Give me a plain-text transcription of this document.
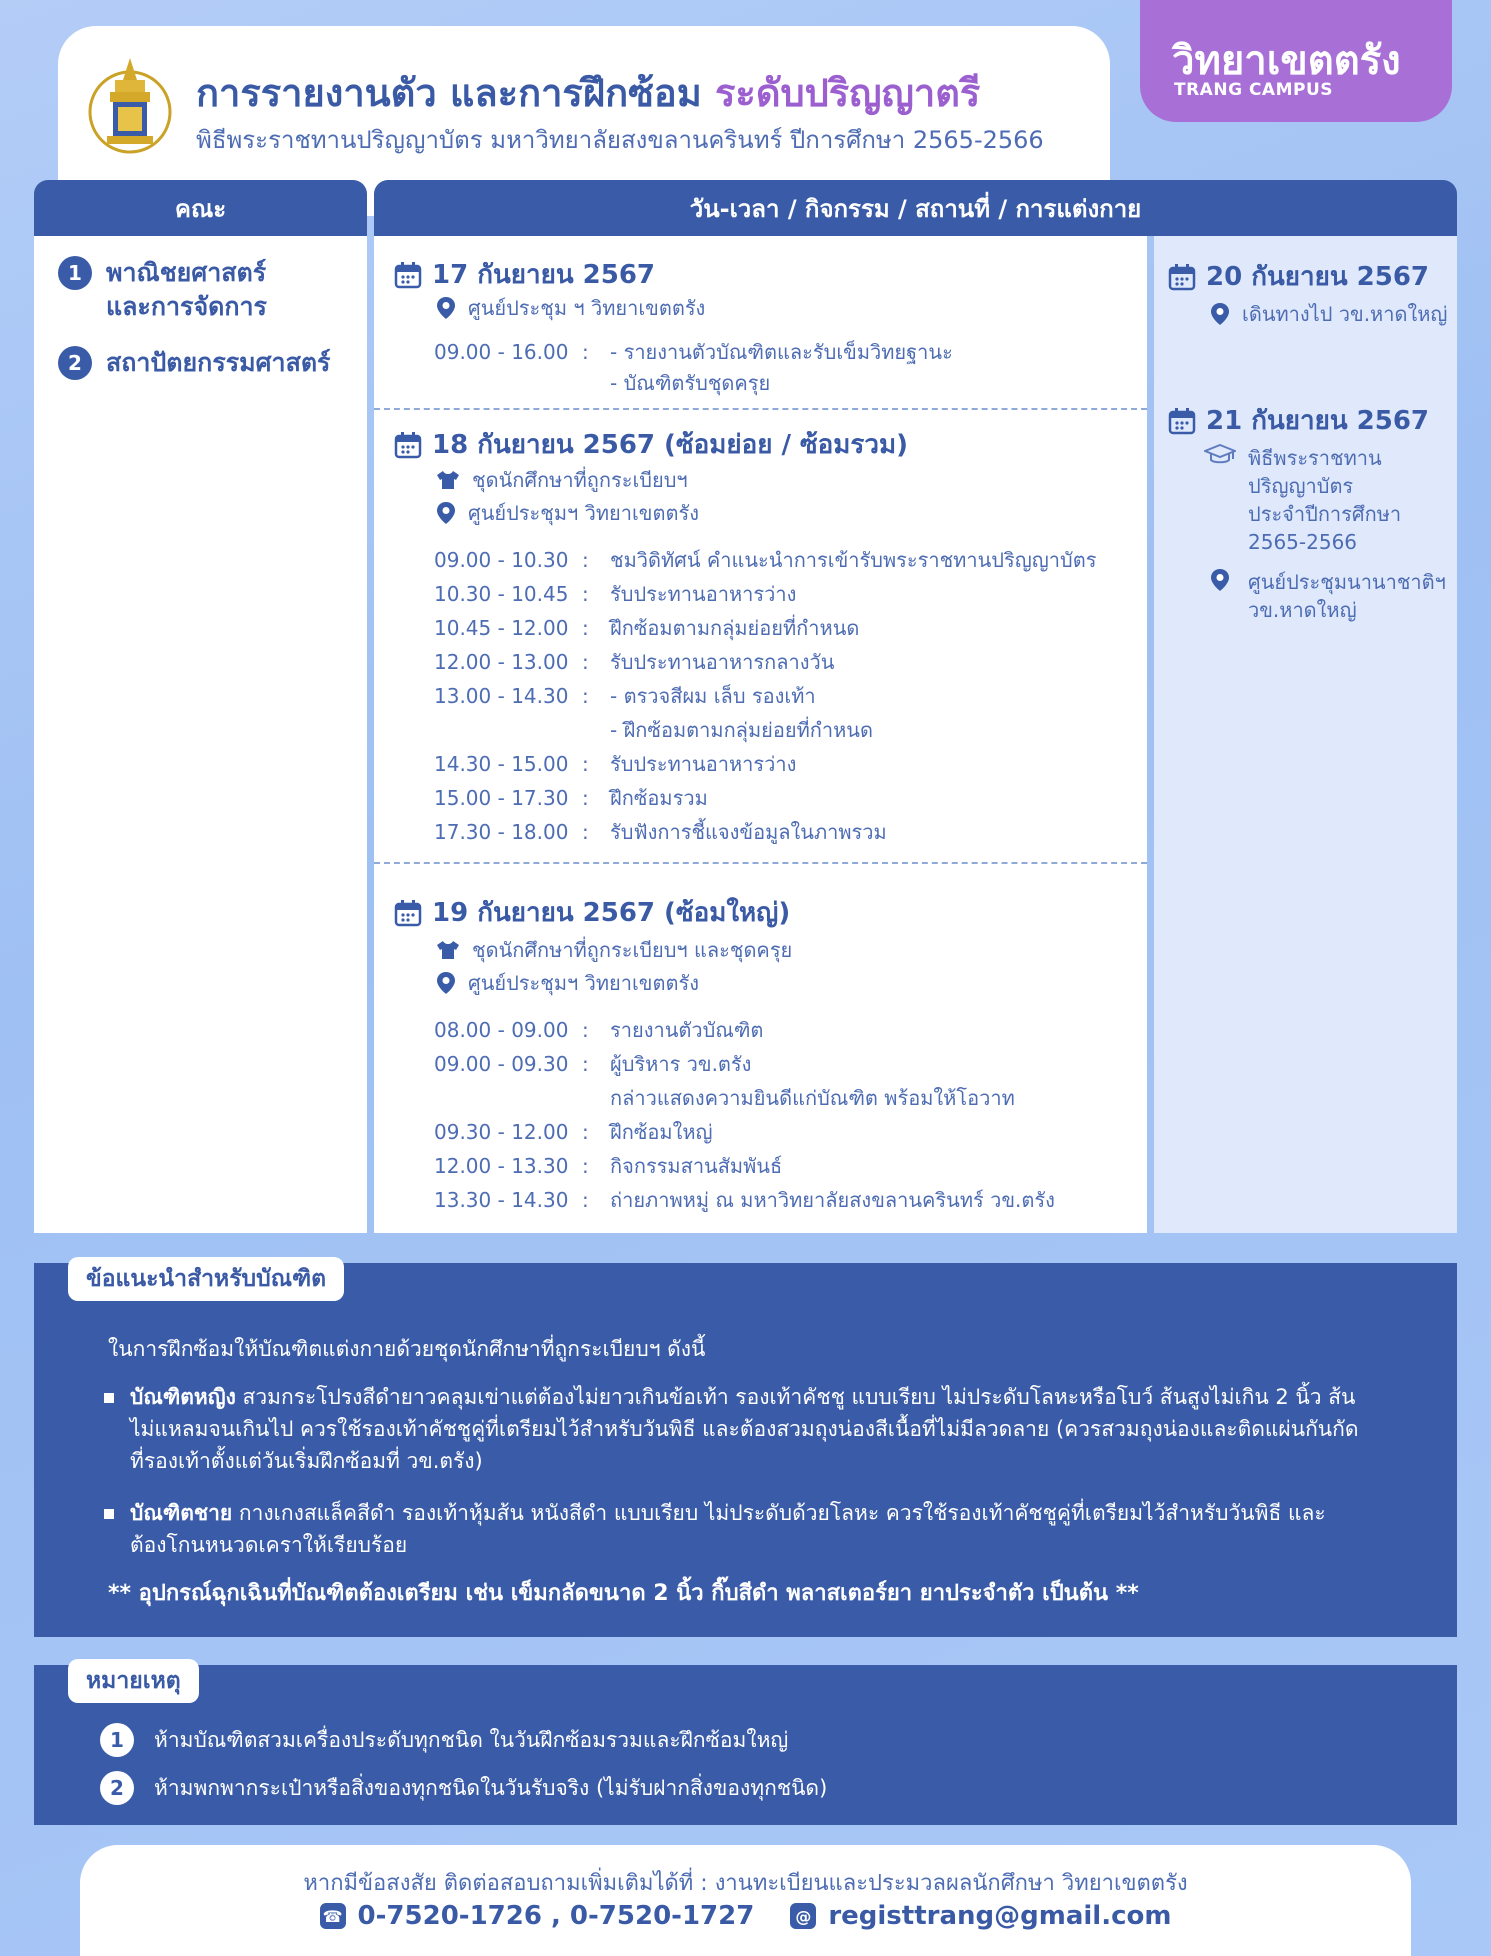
การรายงานตัว และการฝึกซ้อม ระดับปริญญาตรี
พิธีพระราชทานปริญญาบัตร มหาวิทยาลัยสงขลานครินทร์ ปีการศึกษา 2565-2566
วิทยาเขตตรัง
TRANG CAMPUS
คณะ	วัน-เวลา / กิจกรรม / สถานที่ / การแต่งกาย
1 พาณิชยศาสตร์
และการจัดการ
2 สถาปัตยกรรมศาสตร์
17 กันยายน 2567
ศูนย์ประชุม ฯ วิทยาเขตตรัง
09.00 - 16.00 :	- รายงานตัวบัณฑิตและรับเข็มวิทยฐานะ
- บัณฑิตรับชุดครุย
18 กันยายน 2567 (ซ้อมย่อย / ซ้อมรวม)
ชุดนักศึกษาที่ถูกระเบียบฯ
ศูนย์ประชุมฯ วิทยาเขตตรัง
09.00 - 10.30 :	ชมวิดิทัศน์ คำแนะนำการเข้ารับพระราชทานปริญญาบัตร
10.30 - 10.45 :	รับประทานอาหารว่าง
10.45 - 12.00 :	ฝึกซ้อมตามกลุ่มย่อยที่กำหนด
12.00 - 13.00 :	รับประทานอาหารกลางวัน
13.00 - 14.30 :	- ตรวจสีผม เล็บ รองเท้า
- ฝึกซ้อมตามกลุ่มย่อยที่กำหนด
14.30 - 15.00 :	รับประทานอาหารว่าง
15.00 - 17.30 :	ฝึกซ้อมรวม
17.30 - 18.00 :	รับฟังการชี้แจงข้อมูลในภาพรวม
19 กันยายน 2567 (ซ้อมใหญ่)
ชุดนักศึกษาที่ถูกระเบียบฯ และชุดครุย
ศูนย์ประชุมฯ วิทยาเขตตรัง
08.00 - 09.00 :	รายงานตัวบัณฑิต
09.00 - 09.30 :	ผู้บริหาร วข.ตรัง
กล่าวแสดงความยินดีแก่บัณฑิต พร้อมให้โอวาท
09.30 - 12.00 :	ฝึกซ้อมใหญ่
12.00 - 13.30 :	กิจกรรมสานสัมพันธ์
13.30 - 14.30 :	ถ่ายภาพหมู่ ณ มหาวิทยาลัยสงขลานครินทร์ วข.ตรัง
20 กันยายน 2567
เดินทางไป วข.หาดใหญ่
21 กันยายน 2567
พิธีพระราชทาน
ปริญญาบัตร
ประจำปีการศึกษา
2565-2566
ศูนย์ประชุมนานาชาติฯ
วข.หาดใหญ่
ข้อแนะนำสำหรับบัณฑิต
ในการฝึกซ้อมให้บัณฑิตแต่งกายด้วยชุดนักศึกษาที่ถูกระเบียบฯ ดังนี้
บัณฑิตหญิง สวมกระโปรงสีดำยาวคลุมเข่าแต่ต้องไม่ยาวเกินข้อเท้า รองเท้าคัชชู แบบเรียบ ไม่ประดับโลหะหรือโบว์ ส้นสูงไม่เกิน 2 นิ้ว ส้นไม่แหลมจนเกินไป ควรใช้รองเท้าคัชชูคู่ที่เตรียมไว้สำหรับวันพิธี และต้องสวมถุงน่องสีเนื้อที่ไม่มีลวดลาย (ควรสวมถุงน่องและติดแผ่นกันกัดที่รองเท้าตั้งแต่วันเริ่มฝึกซ้อมที่ วข.ตรัง)
บัณฑิตชาย กางเกงสแล็คสีดำ รองเท้าหุ้มส้น หนังสีดำ แบบเรียบ ไม่ประดับด้วยโลหะ ควรใช้รองเท้าคัชชูคู่ที่เตรียมไว้สำหรับวันพิธี และต้องโกนหนวดเคราให้เรียบร้อย
** อุปกรณ์ฉุกเฉินที่บัณฑิตต้องเตรียม เช่น เข็มกลัดขนาด 2 นิ้ว กิ๊บสีดำ พลาสเตอร์ยา ยาประจำตัว เป็นต้น **
หมายเหตุ
1	ห้ามบัณฑิตสวมเครื่องประดับทุกชนิด ในวันฝึกซ้อมรวมและฝึกซ้อมใหญ่
2	ห้ามพกพากระเป๋าหรือสิ่งของทุกชนิดในวันรับจริง (ไม่รับฝากสิ่งของทุกชนิด)
หากมีข้อสงสัย ติดต่อสอบถามเพิ่มเติมได้ที่ : งานทะเบียนและประมวลผลนักศึกษา วิทยาเขตตรัง
☎ 0-7520-1726 , 0-7520-1727	@ registtrang@gmail.com
